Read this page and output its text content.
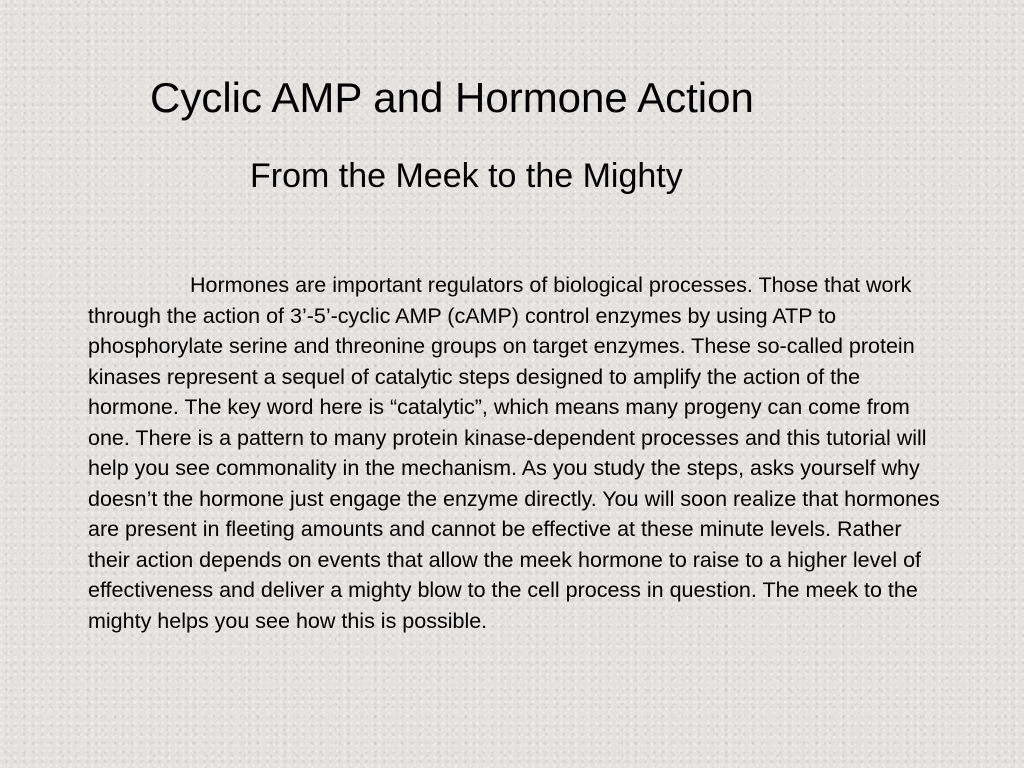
Cyclic AMP and Hormone Action
From the Meek to the Mighty

Hormones are important regulators of biological processes. Those that work through the action of 3’-5’-cyclic AMP (cAMP) control enzymes by using ATP to phosphorylate serine and threonine groups on target enzymes. These so-called protein kinases represent a sequel of catalytic steps designed to amplify the action of the hormone. The key word here is “catalytic”, which means many progeny can come from one. There is a pattern to many protein kinase-dependent processes and this tutorial will help you see commonality in the mechanism. As you study the steps, asks yourself why doesn’t the hormone just engage the enzyme directly. You will soon realize that hormones are present in fleeting amounts and cannot be effective at these minute levels. Rather their action depends on events that allow the meek hormone to raise to a higher level of effectiveness and deliver a mighty blow to the cell process in question. The meek to the mighty helps you see how this is possible.
